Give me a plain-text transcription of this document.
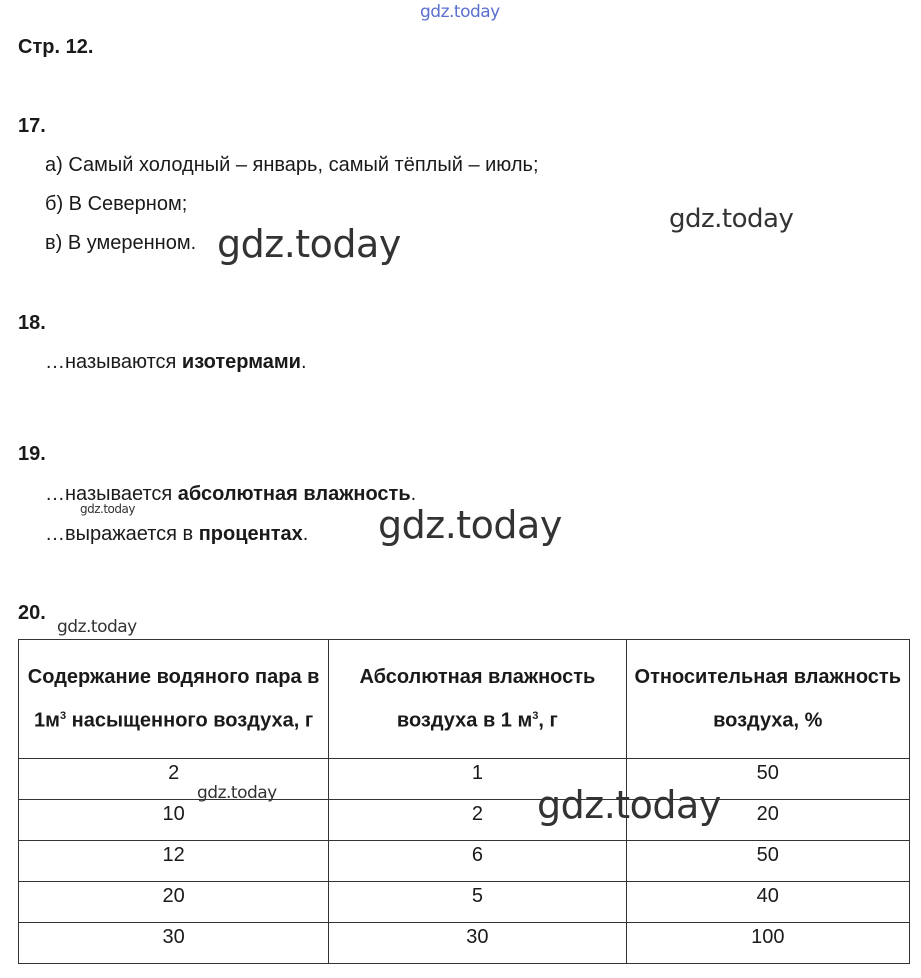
gdz.today
gdz.today
gdz.today
gdz.today	gdz.today
gdz.today
gdz.today	gdz.today
Стр. 12.
17.
а) Самый холодный – январь, самый тёплый – июль;
б) В Северном;
в) В умеренном.
18.
…называются изотермами.
19.
…называется абсолютная влажность.
…выражается в процентах.
20.
Содержание водяного пара в $1м^3$ насыщенного воздуха, г	Абсолютная влажность воздуха в 1 $м^3$, г	Относительная влажность воздуха, %
2	1	50
10	2	20
12	6	50
20	5	40
30	30	100
